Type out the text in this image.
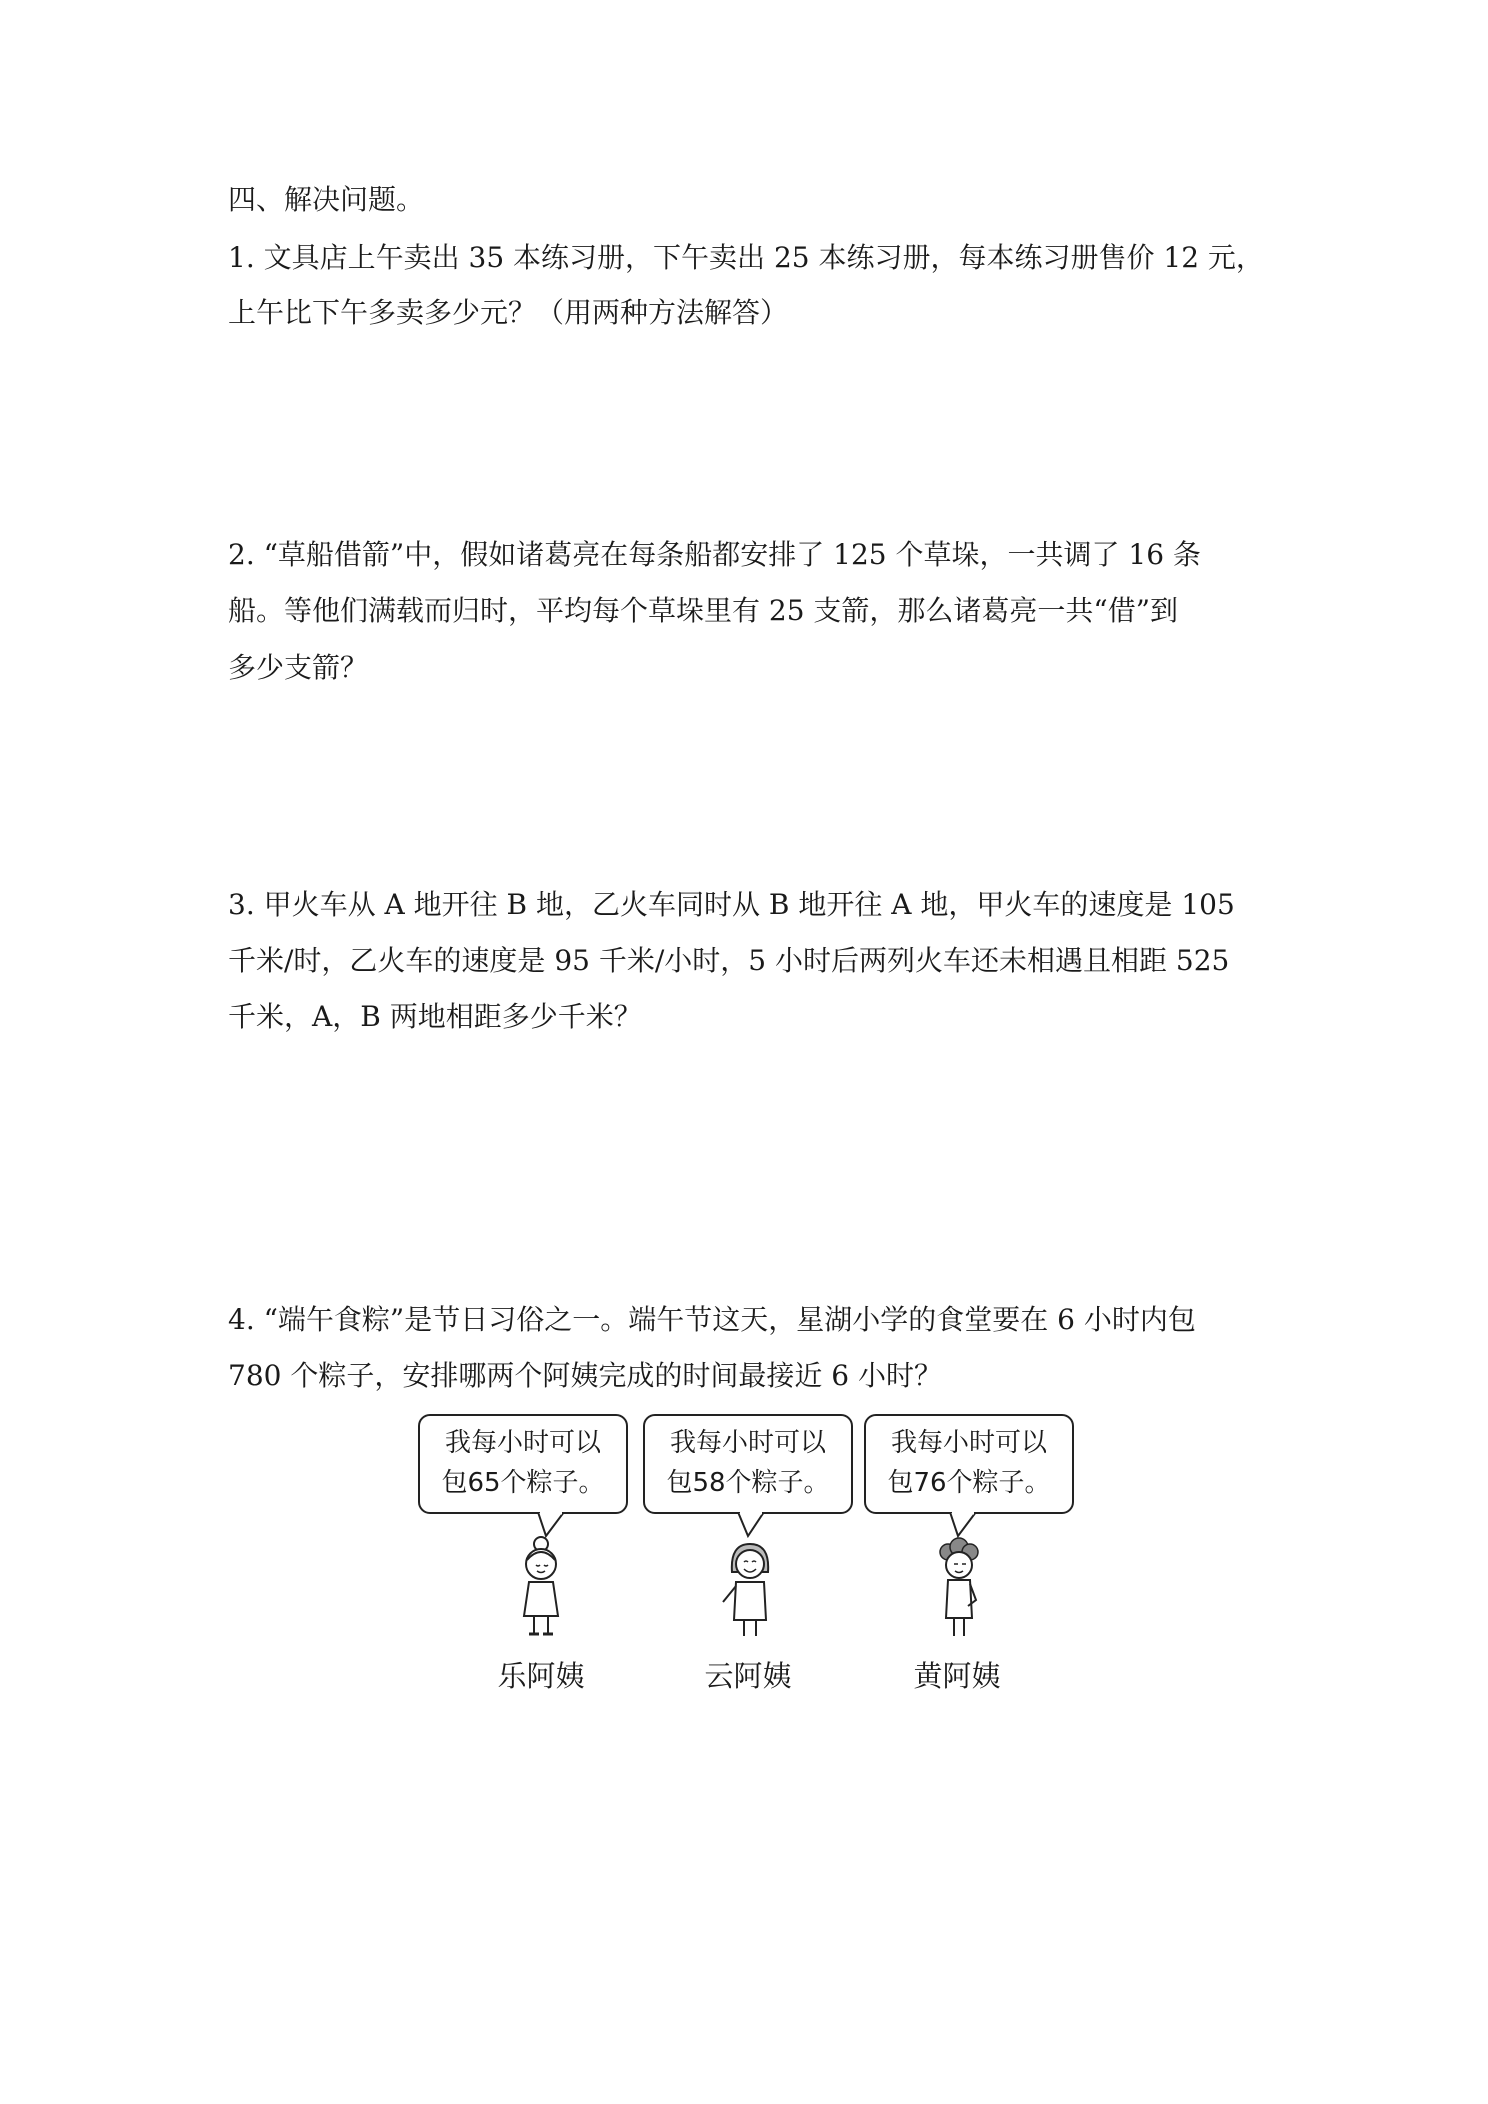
四、解决问题。
1. 文具店上午卖出 35 本练习册，下午卖出 25 本练习册，每本练习册售价 12 元，
上午比下午多卖多少元？（用两种方法解答）
2. “草船借箭”中，假如诸葛亮在每条船都安排了 125 个草垛，一共调了 16 条
船。等他们满载而归时，平均每个草垛里有 25 支箭，那么诸葛亮一共“借”到
多少支箭？
3. 甲火车从 A 地开往 B 地，乙火车同时从 B 地开往 A 地，甲火车的速度是 105
千米/时，乙火车的速度是 95 千米/小时，5 小时后两列火车还未相遇且相距 525
千米，A，B 两地相距多少千米？
4. “端午食粽”是节日习俗之一。端午节这天，星湖小学的食堂要在 6 小时内包
780 个粽子，安排哪两个阿姨完成的时间最接近 6 小时？
我每小时可以
包65个粽子。
我每小时可以
包58个粽子。
我每小时可以
包76个粽子。
乐阿姨	云阿姨	黄阿姨
